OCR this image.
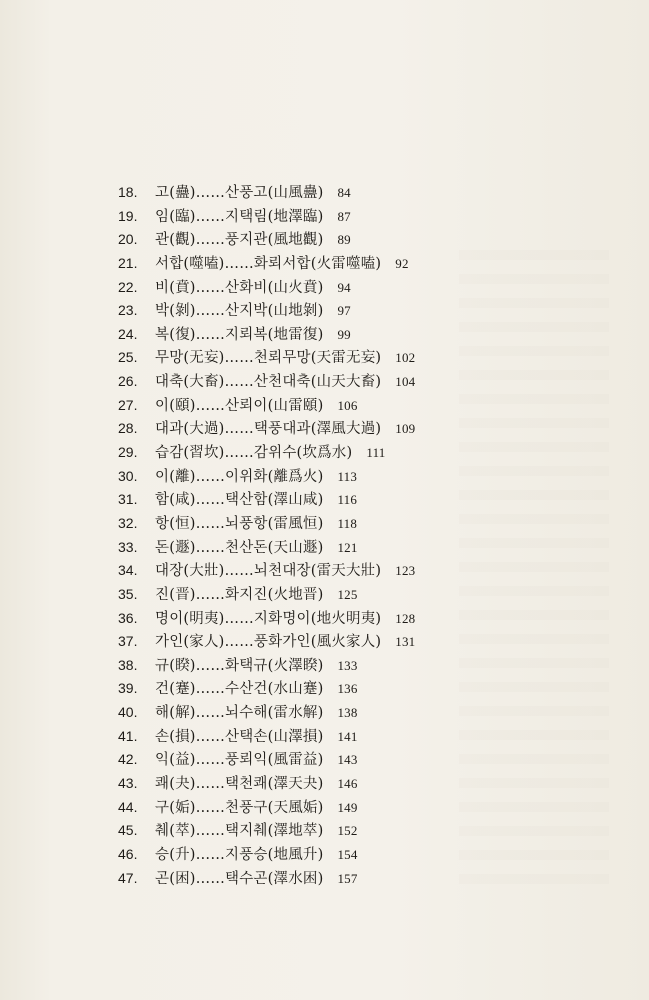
18.	고(蠱)……산풍고(山風蠱) 84
19.	임(臨)……지택림(地澤臨) 87
20.	관(觀)……풍지관(風地觀) 89
21.	서합(噬嗑)……화뢰서합(火雷噬嗑) 92
22.	비(賁)……산화비(山火賁) 94
23.	박(剝)……산지박(山地剝) 97
24.	복(復)……지뢰복(地雷復) 99
25.	무망(无妄)……천뢰무망(天雷无妄) 102
26.	대축(大畜)……산천대축(山天大畜) 104
27.	이(頤)……산뢰이(山雷頤) 106
28.	대과(大過)……택풍대과(澤風大過) 109
29.	습감(習坎)……감위수(坎爲水) 111
30.	이(離)……이위화(離爲火) 113
31.	함(咸)……택산함(澤山咸) 116
32.	항(恒)……뇌풍항(雷風恒) 118
33.	돈(遯)……천산돈(天山遯) 121
34.	대장(大壯)……뇌천대장(雷天大壯) 123
35.	진(晋)……화지진(火地晋) 125
36.	명이(明夷)……지화명이(地火明夷) 128
37.	가인(家人)……풍화가인(風火家人) 131
38.	규(睽)……화택규(火澤睽) 133
39.	건(蹇)……수산건(水山蹇) 136
40.	해(解)……뇌수해(雷水解) 138
41.	손(損)……산택손(山澤損) 141
42.	익(益)……풍뢰익(風雷益) 143
43.	쾌(夬)……택천쾌(澤天夬) 146
44.	구(姤)……천풍구(天風姤) 149
45.	췌(萃)……택지췌(澤地萃) 152
46.	승(升)……지풍승(地風升) 154
47.	곤(困)……택수곤(澤水困) 157
